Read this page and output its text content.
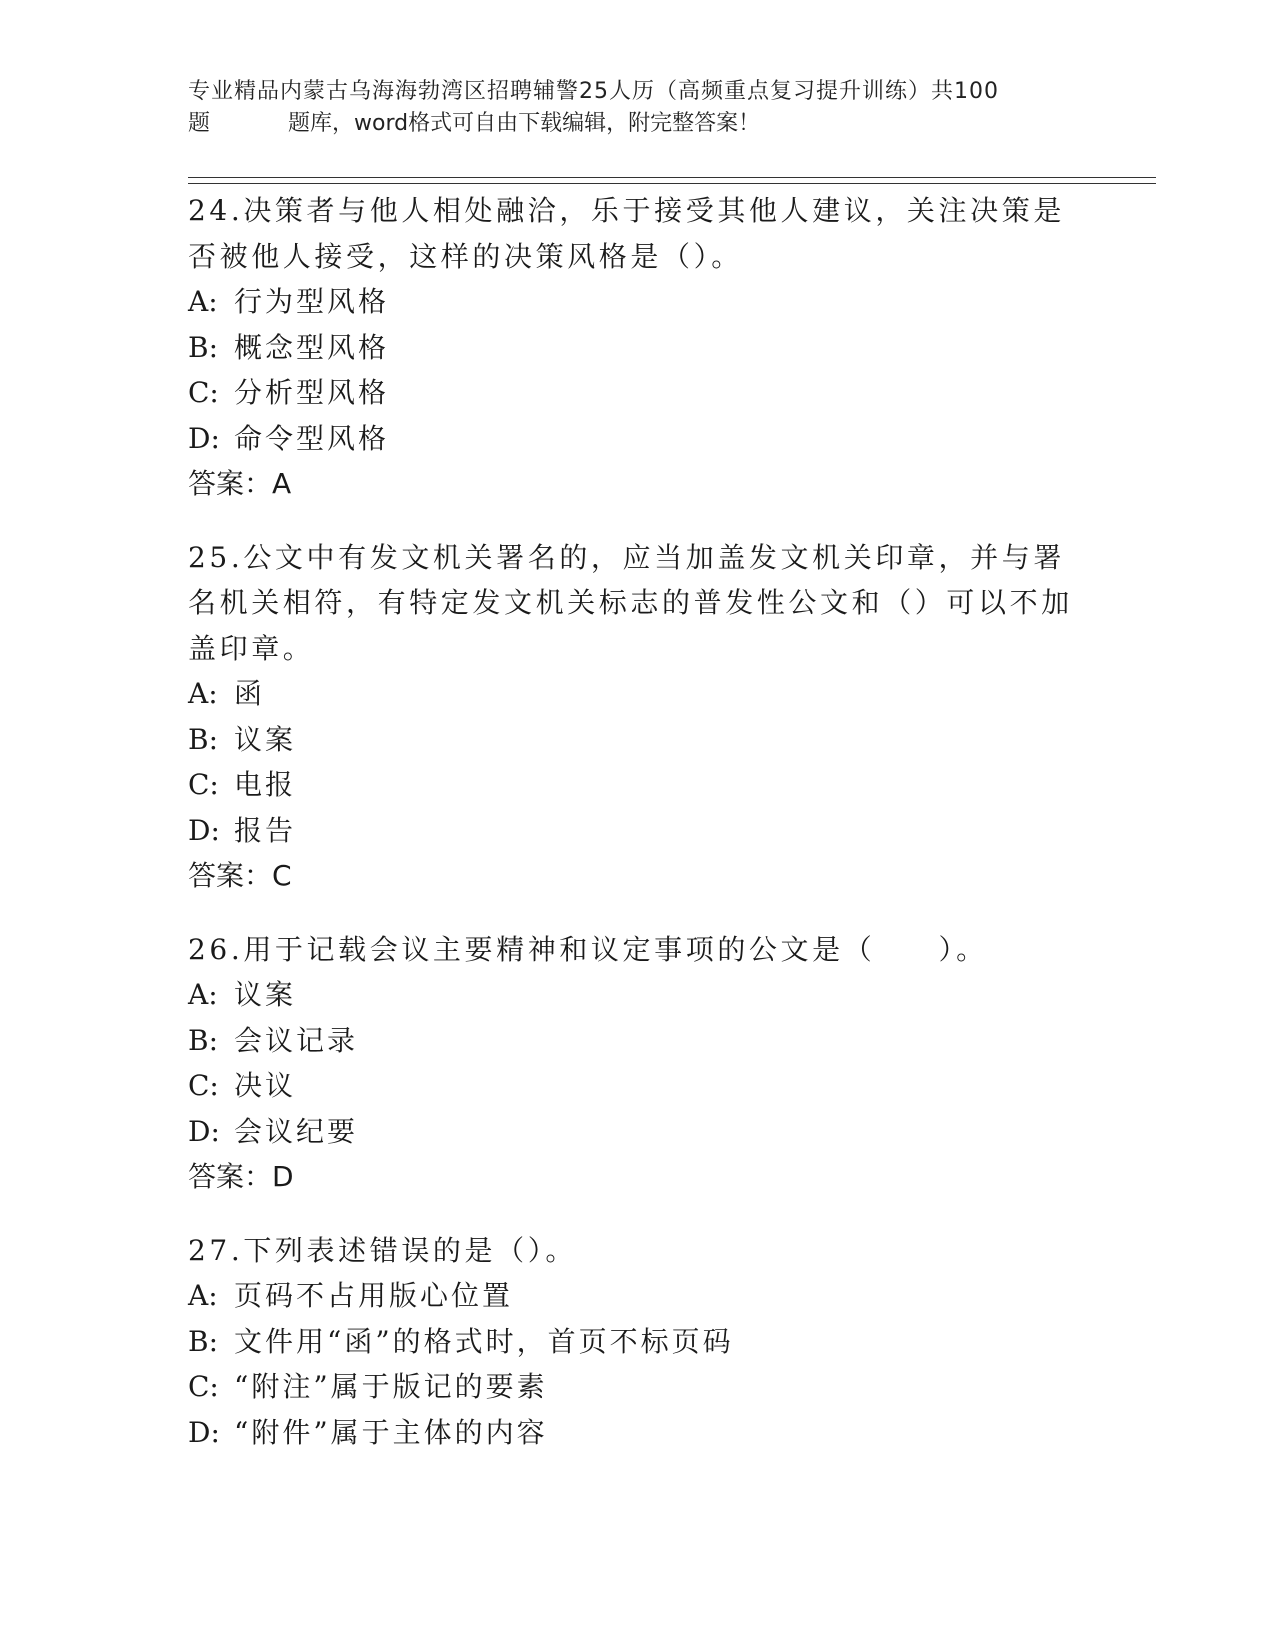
专业精品内蒙古乌海海勃湾区招聘辅警25人历（高频重点复习提升训练）共100
题	题库，word格式可自由下载编辑，附完整答案！

24.决策者与他人相处融洽，乐于接受其他人建议，关注决策是否被他人接受，这样的决策风格是（）。

A: 行为型风格

B: 概念型风格

C: 分析型风格

D: 命令型风格

答案：A

25.公文中有发文机关署名的，应当加盖发文机关印章，并与署名机关相符，有特定发文机关标志的普发性公文和（）可以不加盖印章。

A: 函

B: 议案

C: 电报

D: 报告

答案：C

26.用于记载会议主要精神和议定事项的公文是（　　）。

A: 议案

B: 会议记录

C: 决议

D: 会议纪要

答案：D

27.下列表述错误的是（）。

A: 页码不占用版心位置

B: 文件用“函”的格式时，首页不标页码

C: “附注”属于版记的要素

D: “附件”属于主体的内容
